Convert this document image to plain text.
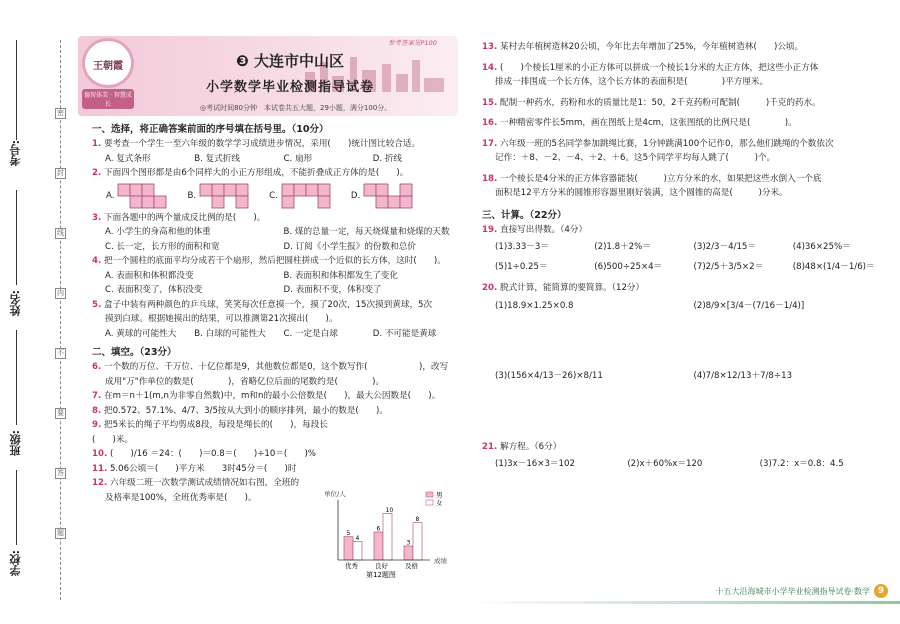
考号:
姓名:
班级:
学校:
密
封
线
内
不
要
答
题
王朝霞
德智体美 · 智慧成长
❸ 大连市中山区
小学数学毕业检测指导试卷
◎考试时间80分钟　本试卷共五大题，29小题，满分100分。
参考答案见P100
一、选择，将正确答案前面的序号填在括号里。（10分）
1. 要考查一个学生一至六年级的数学学习成绩进步情况，采用(　　)统计图比较合适。
A. 复式条形	B. 复式折线	C. 扇形	D. 折线
2. 下面四个图形都是由6个同样大的小正方形组成，不能折叠成正方体的是(　　)。
A.	B.	C.	D.
3. 下面各题中的两个量成反比例的是(　　)。
A. 小学生的身高和他的体重	B. 煤的总量一定，每天烧煤量和烧煤的天数
C. 长一定，长方形的面积和宽	D. 订阅《小学生报》的份数和总价
4. 把一个圆柱的底面平均分成若干个扇形，然后把圆柱拼成一个近似的长方体，这时(　　)。
A. 表面积和体积都没变	B. 表面积和体积都发生了变化
C. 表面积变了，体积没变	D. 表面积不变，体积变了
5. 盒子中装有两种颜色的乒乓球，笑笑每次任意摸一个，摸了20次，15次摸到黄球，5次
摸到白球。根据她摸出的结果，可以推测第21次摸出(　　)。
A. 黄球的可能性大	B. 白球的可能性大	C. 一定是白球	D. 不可能是黄球
二、填空。（23分）
6. 一个数的万位、千万位、十亿位都是9，其他数位都是0，这个数写作(　　　　　　)，改写
成用"万"作单位的数是(　　　　)，省略亿位后面的尾数约是(　　　　)。
7. 在m＝n＋1(m,n为非零自然数)中，m和n的最小公倍数是(　　)，最大公因数是(　　)。
8. 把0.572、57.1%、4/7、3/5按从大到小的顺序排列，最小的数是(　　)。
9. 把5米长的绳子平均剪成8段，每段是绳长的(　　)，每段长(　　)米。
10. (　　)/16 ＝24：(　　)＝0.8＝(　　)÷10＝(　　)%
11. 5.06公顷＝(　　)平方米　　3时45分＝(　　)时
12. 六年级二班一次数学测试成绩情况如右图，全班的
及格率是100%，全班优秀率是(　　)。	单位/人
5
4
优秀
6
10
良好
3
8
及格
成绩
男
女
第12题图
13. 某村去年植树造林20公顷，今年比去年增加了25%，今年植树造林(　　)公顷。
14. (　　)个棱长1厘米的小正方体可以拼成一个棱长1分米的大正方体，把这些小正方体
排成一排围成一个长方体，这个长方体的表面积是(　　　　)平方厘米。
15. 配制一种药水，药粉和水的质量比是1：50，2千克药粉可配制(　　　)千克的药水。
16. 一种精密零件长5mm，画在图纸上是4cm，这张图纸的比例尺是(　　　　)。
17. 六年级一班的5名同学参加跳绳比赛，1分钟跳满100个记作0，那么他们跳绳的个数依次
记作：＋8、－2、－4、＋2、＋6。这5个同学平均每人跳了(　　　)个。
18. 一个棱长是4分米的正方体容器能装(　　　)立方分米的水，如果把这些水倒入一个底
面积是12平方分米的圆锥形容器里刚好装满，这个圆锥的高是(　　　)分米。
三、计算。（22分）
19. 直接写出得数。（4分）
(1)3.33－3＝	(2)1.8＋2%＝	(3)2/3－4/15＝	(4)36×25%＝
(5)1÷0.25＝	(6)500÷25×4＝	(7)2/5＋3/5×2＝	(8)48×(1/4－1/6)＝
20. 脱式计算，能简算的要简算。（12分）
(1)18.9×1.25×0.8	(2)8/9×[3/4－(7/16－1/4)]
(3)(156×4/13－26)×8/11	(4)7/8×12/13＋7/8÷13
21. 解方程。（6分）
(1)3x－16×3＝102	(2)x＋60%x＝120	(3)7.2：x＝0.8：4.5
十五大沿海城市小学毕业检测指导试卷·数学 9
